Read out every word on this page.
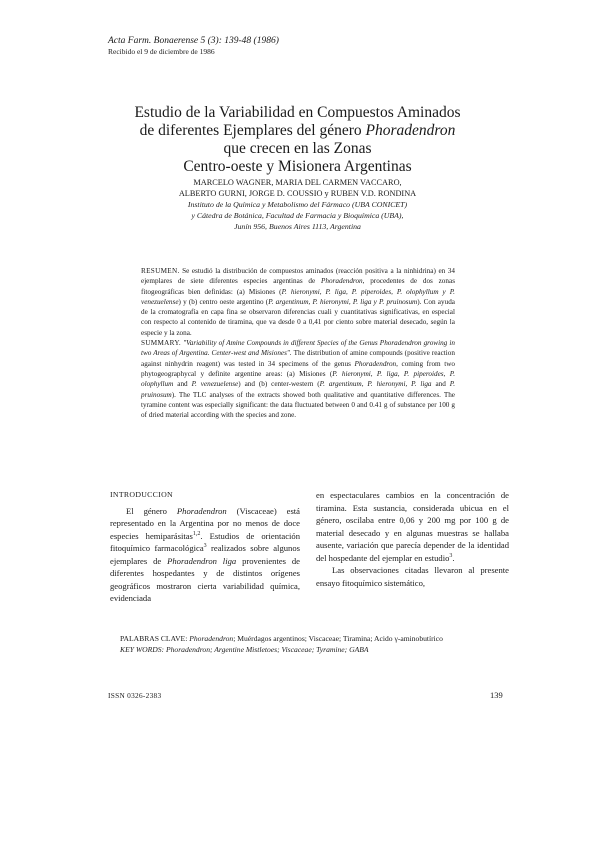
Acta Farm. Bonaerense 5 (3): 139-48 (1986)
Recibido el 9 de diciembre de 1986
Estudio de la Variabilidad en Compuestos Aminados
de diferentes Ejemplares del género Phoradendron
que crecen en las Zonas
Centro-oeste y Misionera Argentinas
MARCELO WAGNER, MARIA DEL CARMEN VACCARO,
ALBERTO GURNI, JORGE D. COUSSIO y RUBEN V.D. RONDINA
Instituto de la Química y Metabolismo del Fármaco (UBA CONICET)
y Cátedra de Botánica, Facultad de Farmacia y Bioquímica (UBA),
Junín 956, Buenos Aires 1113, Argentina

RESUMEN. Se estudió la distribución de compuestos aminados (reacción positiva a la ninhidrina) en 34 ejemplares de siete diferentes especies argentinas de Phoradendron, procedentes de dos zonas fitogeográficas bien definidas: (a) Misiones (P. hieronymi, P. liga, P. piperoides, P. olophyllum y P. venezuelense) y (b) centro oeste argentino (P. argentinum, P. hieronymi, P. liga y P. pruinosum). Con ayuda de la cromatografía en capa fina se observaron diferencias cuali y cuantitativas significativas, en especial con respecto al contenido de tiramina, que va desde 0 a 0,41 por ciento sobre material desecado, según la especie y la zona.

SUMMARY. "Variability of Amine Compounds in different Species of the Genus Phoradendron growing in two Areas of Argentina. Center-west and Misiones". The distribution of amine compounds (positive reaction against ninhydrin reagent) was tested in 34 specimens of the genus Phoradendron, coming from two phytogeographycal y definite argentine areas: (a) Misiones (P. hieronymi, P. liga, P. piperoides, P. olophyllum and P. venezuelense) and (b) center-western (P. argentinum, P. hieronymi, P. liga and P. pruinosum). The TLC analyses of the extracts showed both qualitative and quantitative differences. The tyramine content was especially significant: the data fluctuated between 0 and 0.41 g of substance per 100 g of dried material according with the species and zone.

INTRODUCCION

El género Phoradendron (Viscaceae) está representado en la Argentina por no menos de doce especies hemiparásitas$^{1,2}$. Estudios de orientación fitoquímico farmacológica$^3$ realizados sobre algunos ejemplares de Phoradendron liga provenientes de diferentes hospedantes y de distintos orígenes geográficos mostraron cierta variabilidad química, evidenciada

en espectaculares cambios en la concentración de tiramina. Esta sustancia, considerada ubicua en el género, oscilaba entre 0,06 y 200 mg por 100 g de material desecado y en algunas muestras se hallaba ausente, variación que parecía depender de la identidad del hospedante del ejemplar en estudio$^3$.

Las observaciones citadas llevaron al presente ensayo fitoquímico sistemático,

PALABRAS CLAVE: Phoradendron; Muérdagos argentinos; Viscaceae; Tiramina; Acido γ-aminobutírico

KEY WORDS: Phoradendron; Argentine Mistletoes; Viscaceae; Tyramine; GABA

ISSN 0326-2383	139
